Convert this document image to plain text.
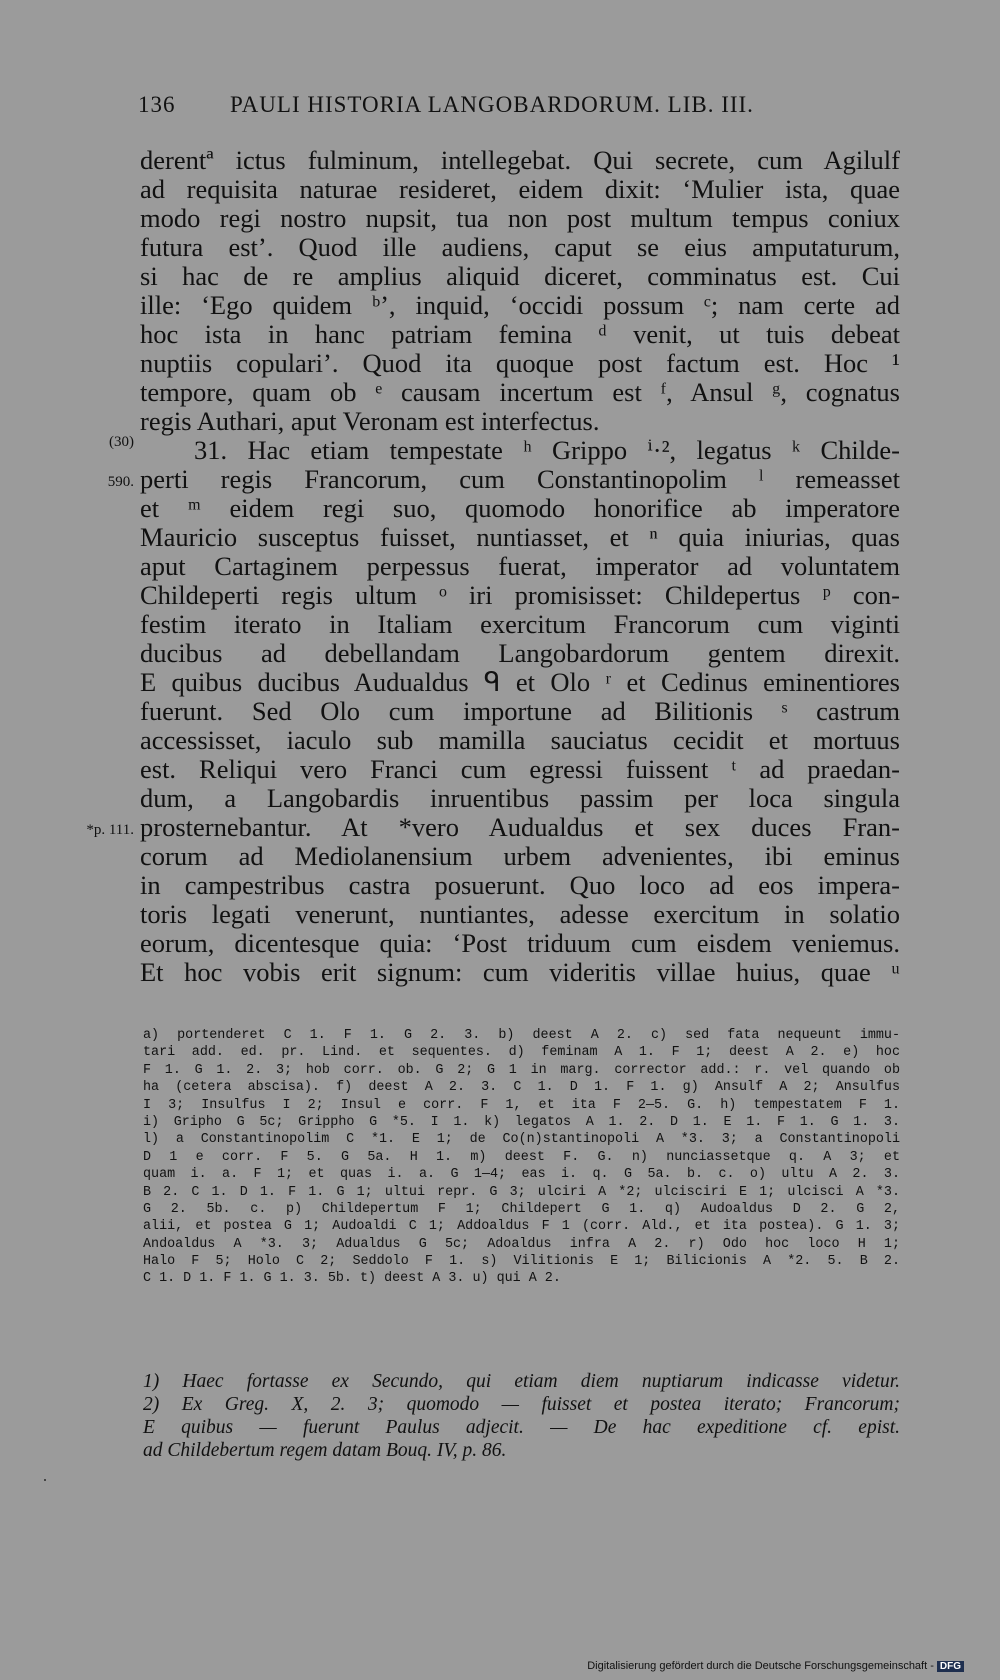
136 PAULI HISTORIA LANGOBARDORUM. LIB. III.
(30)
590.
*p. 111.
derentª ictus fulminum, intellegebat. Qui secrete, cum Agilulf
ad requisita naturae resideret, eidem dixit: ‘Mulier ista, quae
modo regi nostro nupsit, tua non post multum tempus coniux
futura est’. Quod ille audiens, caput se eius amputaturum,
si hac de re amplius aliquid diceret, comminatus est. Cui
ille: ‘Ego quidem ᵇ’, inquid, ‘occidi possum ᶜ; nam certe ad
hoc ista in hanc patriam femina ᵈ venit, ut tuis debeat
nuptiis copulari’. Quod ita quoque post factum est. Hoc ¹
tempore, quam ob ᵉ causam incertum est ᶠ, Ansul ᵍ, cognatus
regis Authari, aput Veronam est interfectus.
31. Hac etiam tempestate ʰ Grippo ⁱ·², legatus ᵏ Childe-
perti regis Francorum, cum Constantinopolim ˡ remeasset
et ᵐ eidem regi suo, quomodo honorifice ab imperatore
Mauricio susceptus fuisset, nuntiasset, et ⁿ quia iniurias, quas
aput Cartaginem perpessus fuerat, imperator ad voluntatem
Childeperti regis ultum ᵒ iri promisisset: Childepertus ᵖ con-
festim iterato in Italiam exercitum Francorum cum viginti
ducibus ad debellandam Langobardorum gentem direxit.
E quibus ducibus Audualdus ᑫ et Olo ʳ et Cedinus eminentiores
fuerunt. Sed Olo cum importune ad Bilitionis ˢ castrum
accessisset, iaculo sub mamilla sauciatus cecidit et mortuus
est. Reliqui vero Franci cum egressi fuissent ᵗ ad praedan-
dum, a Langobardis inruentibus passim per loca singula
prosternebantur. At *vero Audualdus et sex duces Fran-
corum ad Mediolanensium urbem advenientes, ibi eminus
in campestribus castra posuerunt. Quo loco ad eos impera-
toris legati venerunt, nuntiantes, adesse exercitum in solatio
eorum, dicentesque quia: ‘Post triduum cum eisdem veniemus.
Et hoc vobis erit signum: cum videritis villae huius, quae ᵘ
a) portenderet C 1. F 1. G 2. 3. b) deest A 2. c) sed fata nequeunt immu-
tari add. ed. pr. Lind. et sequentes. d) feminam A 1. F 1; deest A 2. e) hoc
F 1. G 1. 2. 3; hob corr. ob. G 2; G 1 in marg. corrector add.: r. vel quando ob
ha (cetera abscisa). f) deest A 2. 3. C 1. D 1. F 1. g) Ansulf A 2; Ansulfus
I 3; Insulfus I 2; Insul e corr. F 1, et ita F 2—5. G. h) tempestatem F 1.
i) Gripho G 5c; Grippho G *5. I 1. k) legatos A 1. 2. D 1. E 1. F 1. G 1. 3.
l) a Constantinopolim C *1. E 1; de Co(n)stantinopoli A *3. 3; a Constantinopoli
D 1 e corr. F 5. G 5a. H 1. m) deest F. G. n) nunciassetque q. A 3; et
quam i. a. F 1; et quas i. a. G 1—4; eas i. q. G 5a. b. c. o) ultu A 2. 3.
B 2. C 1. D 1. F 1. G 1; ultui repr. G 3; ulciri A *2; ulcisciri E 1; ulcisci A *3.
G 2. 5b. c. p) Childepertum F 1; Childepert G 1. q) Audoaldus D 2. G 2,
alii, et postea G 1; Audoaldi C 1; Addoaldus F 1 (corr. Ald., et ita postea). G 1. 3;
Andoaldus A *3. 3; Adualdus G 5c; Adoaldus infra A 2. r) Odo hoc loco H 1;
Halo F 5; Holo C 2; Seddolo F 1. s) Vilitionis E 1; Bilicionis A *2. 5. B 2.
C 1. D 1. F 1. G 1. 3. 5b. t) deest A 3. u) qui A 2.
1) Haec fortasse ex Secundo, qui etiam diem nuptiarum indicasse videtur.
2) Ex Greg. X, 2. 3; quomodo — fuisset et postea iterato; Francorum;
E quibus — fuerunt Paulus adjecit. — De hac expeditione cf. epist.
ad Childebertum regem datam Bouq. IV, p. 86.
Digitalisierung gefördert durch die Deutsche Forschungsgemeinschaft - DFG
